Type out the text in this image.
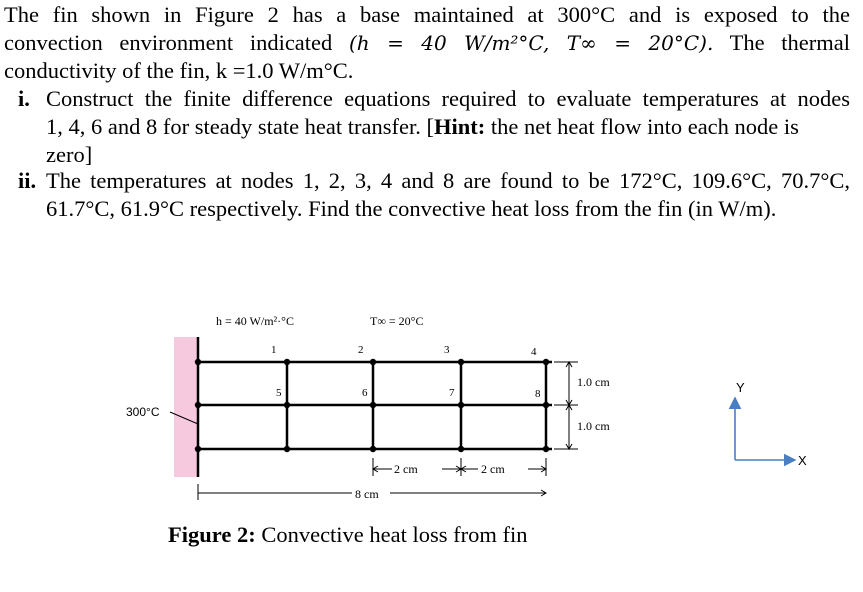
The fin shown in Figure 2 has a base maintained at 300°C and is exposed to the
convection environment indicated (h = 40 W/m²°C, T∞ = 20°C). The thermal
conductivity of the fin, k =1.0 W/m°C.
i. Construct the finite difference equations required to evaluate temperatures at nodes
1, 4, 6 and 8 for steady state heat transfer. [Hint: the net heat flow into each node is
zero]
ii. The temperatures at nodes 1, 2, 3, 4 and 8 are found to be 172°C, 109.6°C, 70.7°C,
61.7°C, 61.9°C respectively. Find the convective heat loss from the fin (in W/m).
1	2	3	4
5	6	7	8
h = 40 W/m²·°C	T∞ = 20°C
300°C
1.0 cm
1.0 cm
2 cm	2 cm
8 cm
Y
X
Figure 2: Convective heat loss from fin
